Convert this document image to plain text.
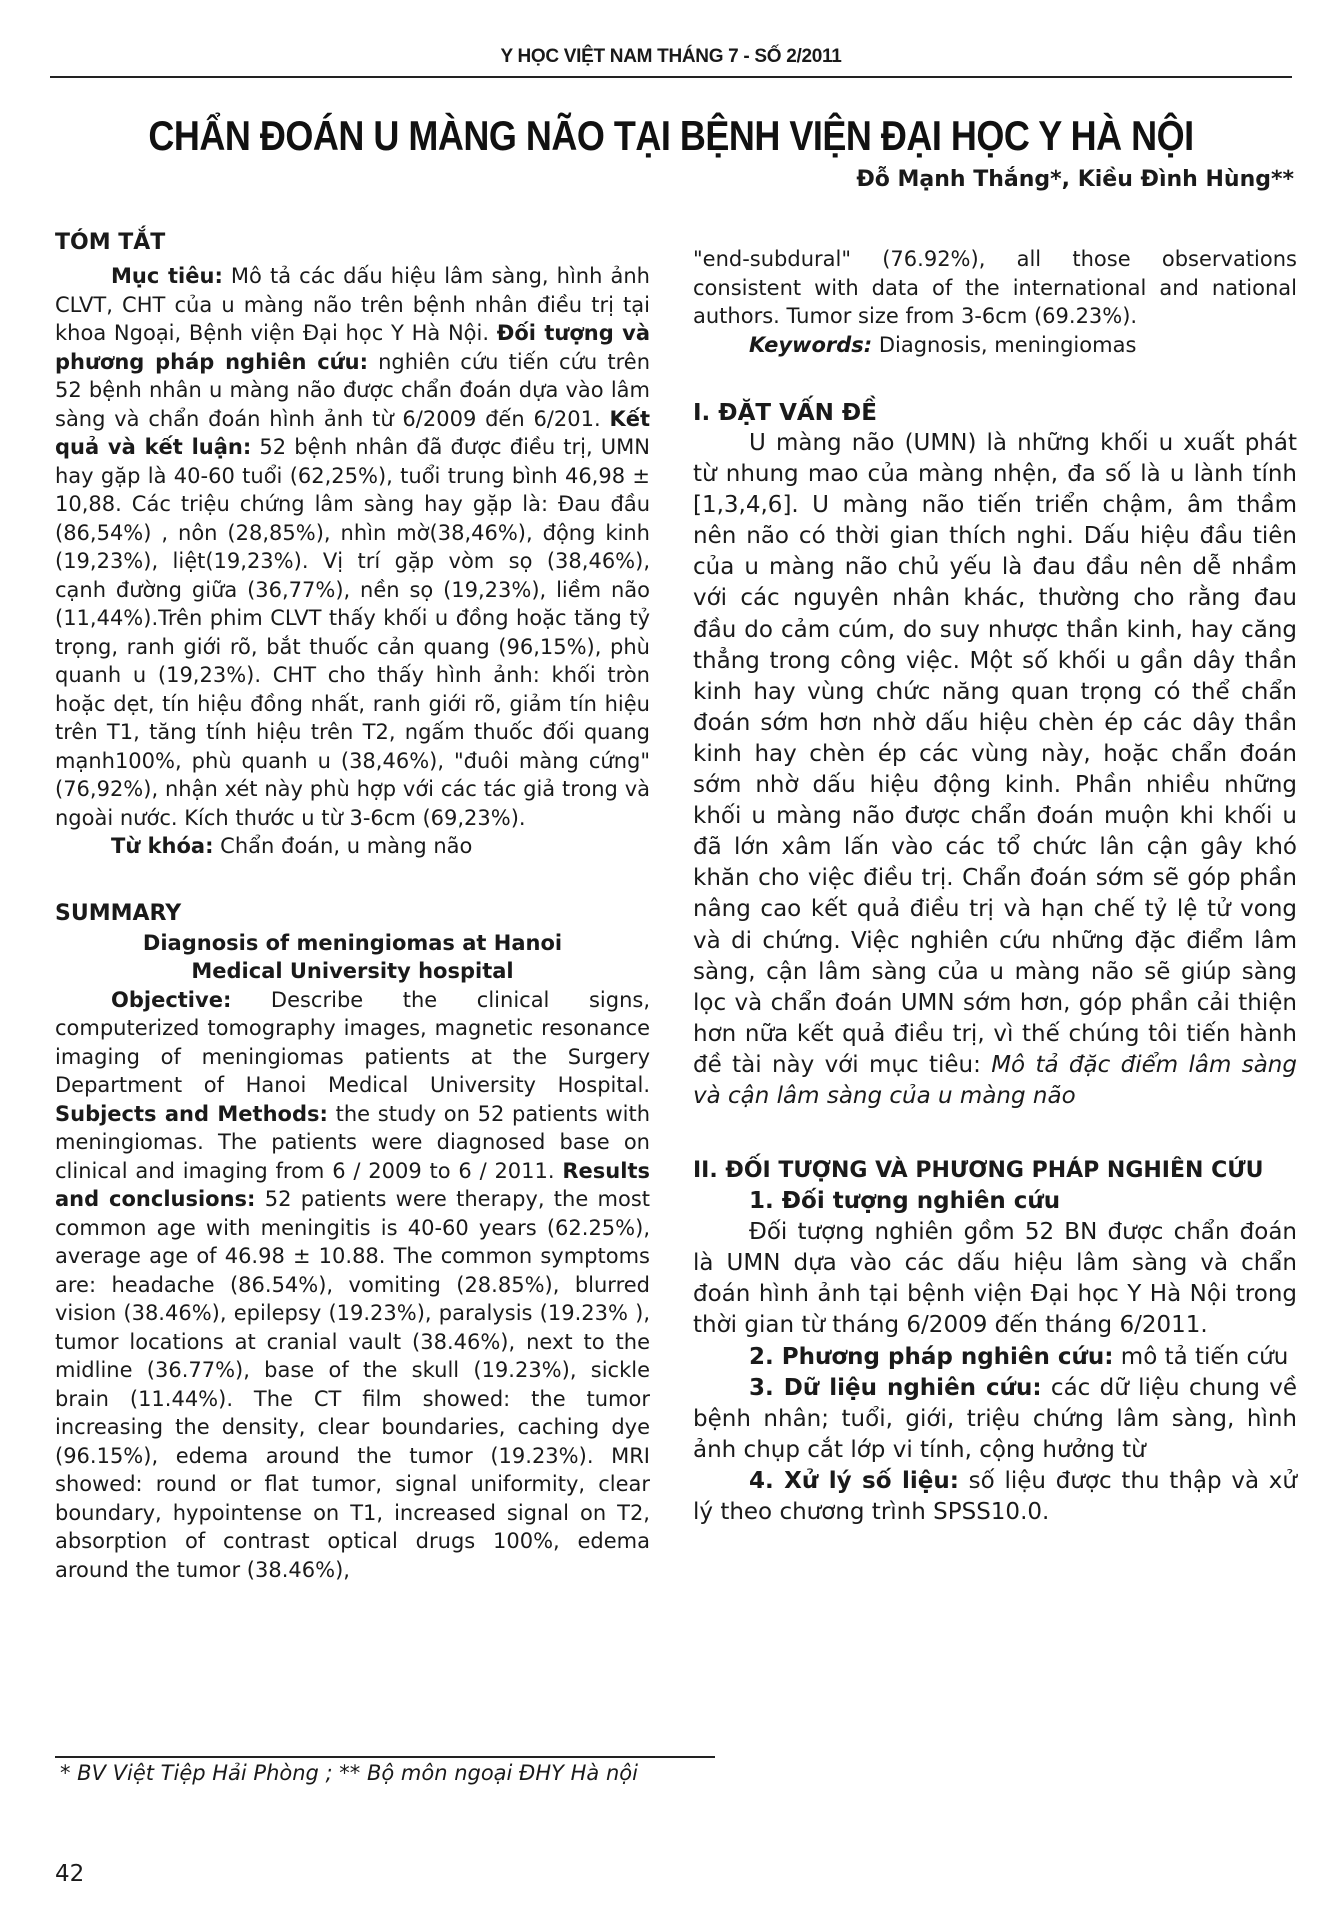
Y HỌC VIỆT NAM THÁNG 7 - SỐ 2/2011
CHẨN ĐOÁN U MÀNG NÃO TẠI BỆNH VIỆN ĐẠI HỌC Y HÀ NỘI
Đỗ Mạnh Thắng*, Kiều Đình Hùng**

TÓM TẮT

Mục tiêu: Mô tả các dấu hiệu lâm sàng, hình ảnh CLVT, CHT của u màng não trên bệnh nhân điều trị tại khoa Ngoại, Bệnh viện Đại học Y Hà Nội. Đối tượng và phương pháp nghiên cứu: nghiên cứu tiến cứu trên 52 bệnh nhân u màng não được chẩn đoán dựa vào lâm sàng và chẩn đoán hình ảnh từ 6/2009 đến 6/201. Kết quả và kết luận: 52 bệnh nhân đã được điều trị, UMN hay gặp là 40-60 tuổi (62,25%), tuổi trung bình 46,98 ± 10,88. Các triệu chứng lâm sàng hay gặp là: Đau đầu (86,54%) , nôn (28,85%), nhìn mờ(38,46%), động kinh (19,23%), liệt(19,23%). Vị trí gặp vòm sọ (38,46%), cạnh đường giữa (36,77%), nền sọ (19,23%), liềm não (11,44%).Trên phim CLVT thấy khối u đồng hoặc tăng tỷ trọng, ranh giới rõ, bắt thuốc cản quang (96,15%), phù quanh u (19,23%). CHT cho thấy hình ảnh: khối tròn hoặc dẹt, tín hiệu đồng nhất, ranh giới rõ, giảm tín hiệu trên T1, tăng tính hiệu trên T2, ngấm thuốc đối quang mạnh100%, phù quanh u (38,46%), "đuôi màng cứng" (76,92%), nhận xét này phù hợp với các tác giả trong và ngoài nước. Kích thước u từ 3-6cm (69,23%).

Từ khóa: Chẩn đoán, u màng não

SUMMARY

Diagnosis of meningiomas at Hanoi Medical University hospital

Objective: Describe the clinical signs, computerized tomography images, magnetic resonance imaging of meningiomas patients at the Surgery Department of Hanoi Medical University Hospital. Subjects and Methods: the study on 52 patients with meningiomas. The patients were diagnosed base on clinical and imaging from 6 / 2009 to 6 / 2011. Results and conclusions: 52 patients were therapy, the most common age with meningitis is 40-60 years (62.25%), average age of 46.98 ± 10.88. The common symptoms are: headache (86.54%), vomiting (28.85%), blurred vision (38.46%), epilepsy (19.23%), paralysis (19.23% ), tumor locations at cranial vault (38.46%), next to the midline (36.77%), base of the skull (19.23%), sickle brain (11.44%). The CT film showed: the tumor increasing the density, clear boundaries, caching dye (96.15%), edema around the tumor (19.23%). MRI showed: round or flat tumor, signal uniformity, clear boundary, hypointense on T1, increased signal on T2, absorption of contrast optical drugs 100%, edema around the tumor (38.46%),

"end-subdural" (76.92%), all those observations consistent with data of the international and national authors. Tumor size from 3-6cm (69.23%).

Keywords: Diagnosis, meningiomas

I. ĐẶT VẤN ĐỀ

U màng não (UMN) là những khối u xuất phát từ nhung mao của màng nhện, đa số là u lành tính [1,3,4,6]. U màng não tiến triển chậm, âm thầm nên não có thời gian thích nghi. Dấu hiệu đầu tiên của u màng não chủ yếu là đau đầu nên dễ nhầm với các nguyên nhân khác, thường cho rằng đau đầu do cảm cúm, do suy nhược thần kinh, hay căng thẳng trong công việc. Một số khối u gần dây thần kinh hay vùng chức năng quan trọng có thể chẩn đoán sớm hơn nhờ dấu hiệu chèn ép các dây thần kinh hay chèn ép các vùng này, hoặc chẩn đoán sớm nhờ dấu hiệu động kinh. Phần nhiều những khối u màng não được chẩn đoán muộn khi khối u đã lớn xâm lấn vào các tổ chức lân cận gây khó khăn cho việc điều trị. Chẩn đoán sớm sẽ góp phần nâng cao kết quả điều trị và hạn chế tỷ lệ tử vong và di chứng. Việc nghiên cứu những đặc điểm lâm sàng, cận lâm sàng của u màng não sẽ giúp sàng lọc và chẩn đoán UMN sớm hơn, góp phần cải thiện hơn nữa kết quả điều trị, vì thế chúng tôi tiến hành đề tài này với mục tiêu: Mô tả đặc điểm lâm sàng và cận lâm sàng của u màng não

II. ĐỐI TƯỢNG VÀ PHƯƠNG PHÁP NGHIÊN CỨU

1. Đối tượng nghiên cứu

Đối tượng nghiên gồm 52 BN được chẩn đoán là UMN dựa vào các dấu hiệu lâm sàng và chẩn đoán hình ảnh tại bệnh viện Đại học Y Hà Nội trong thời gian từ tháng 6/2009 đến tháng 6/2011.

2. Phương pháp nghiên cứu: mô tả tiến cứu

3. Dữ liệu nghiên cứu: các dữ liệu chung về bệnh nhân; tuổi, giới, triệu chứng lâm sàng, hình ảnh chụp cắt lớp vi tính, cộng hưởng từ

4. Xử lý số liệu: số liệu được thu thập và xử lý theo chương trình SPSS10.0.

* BV Việt Tiệp Hải Phòng ; ** Bộ môn ngoại ĐHY Hà nội
42
